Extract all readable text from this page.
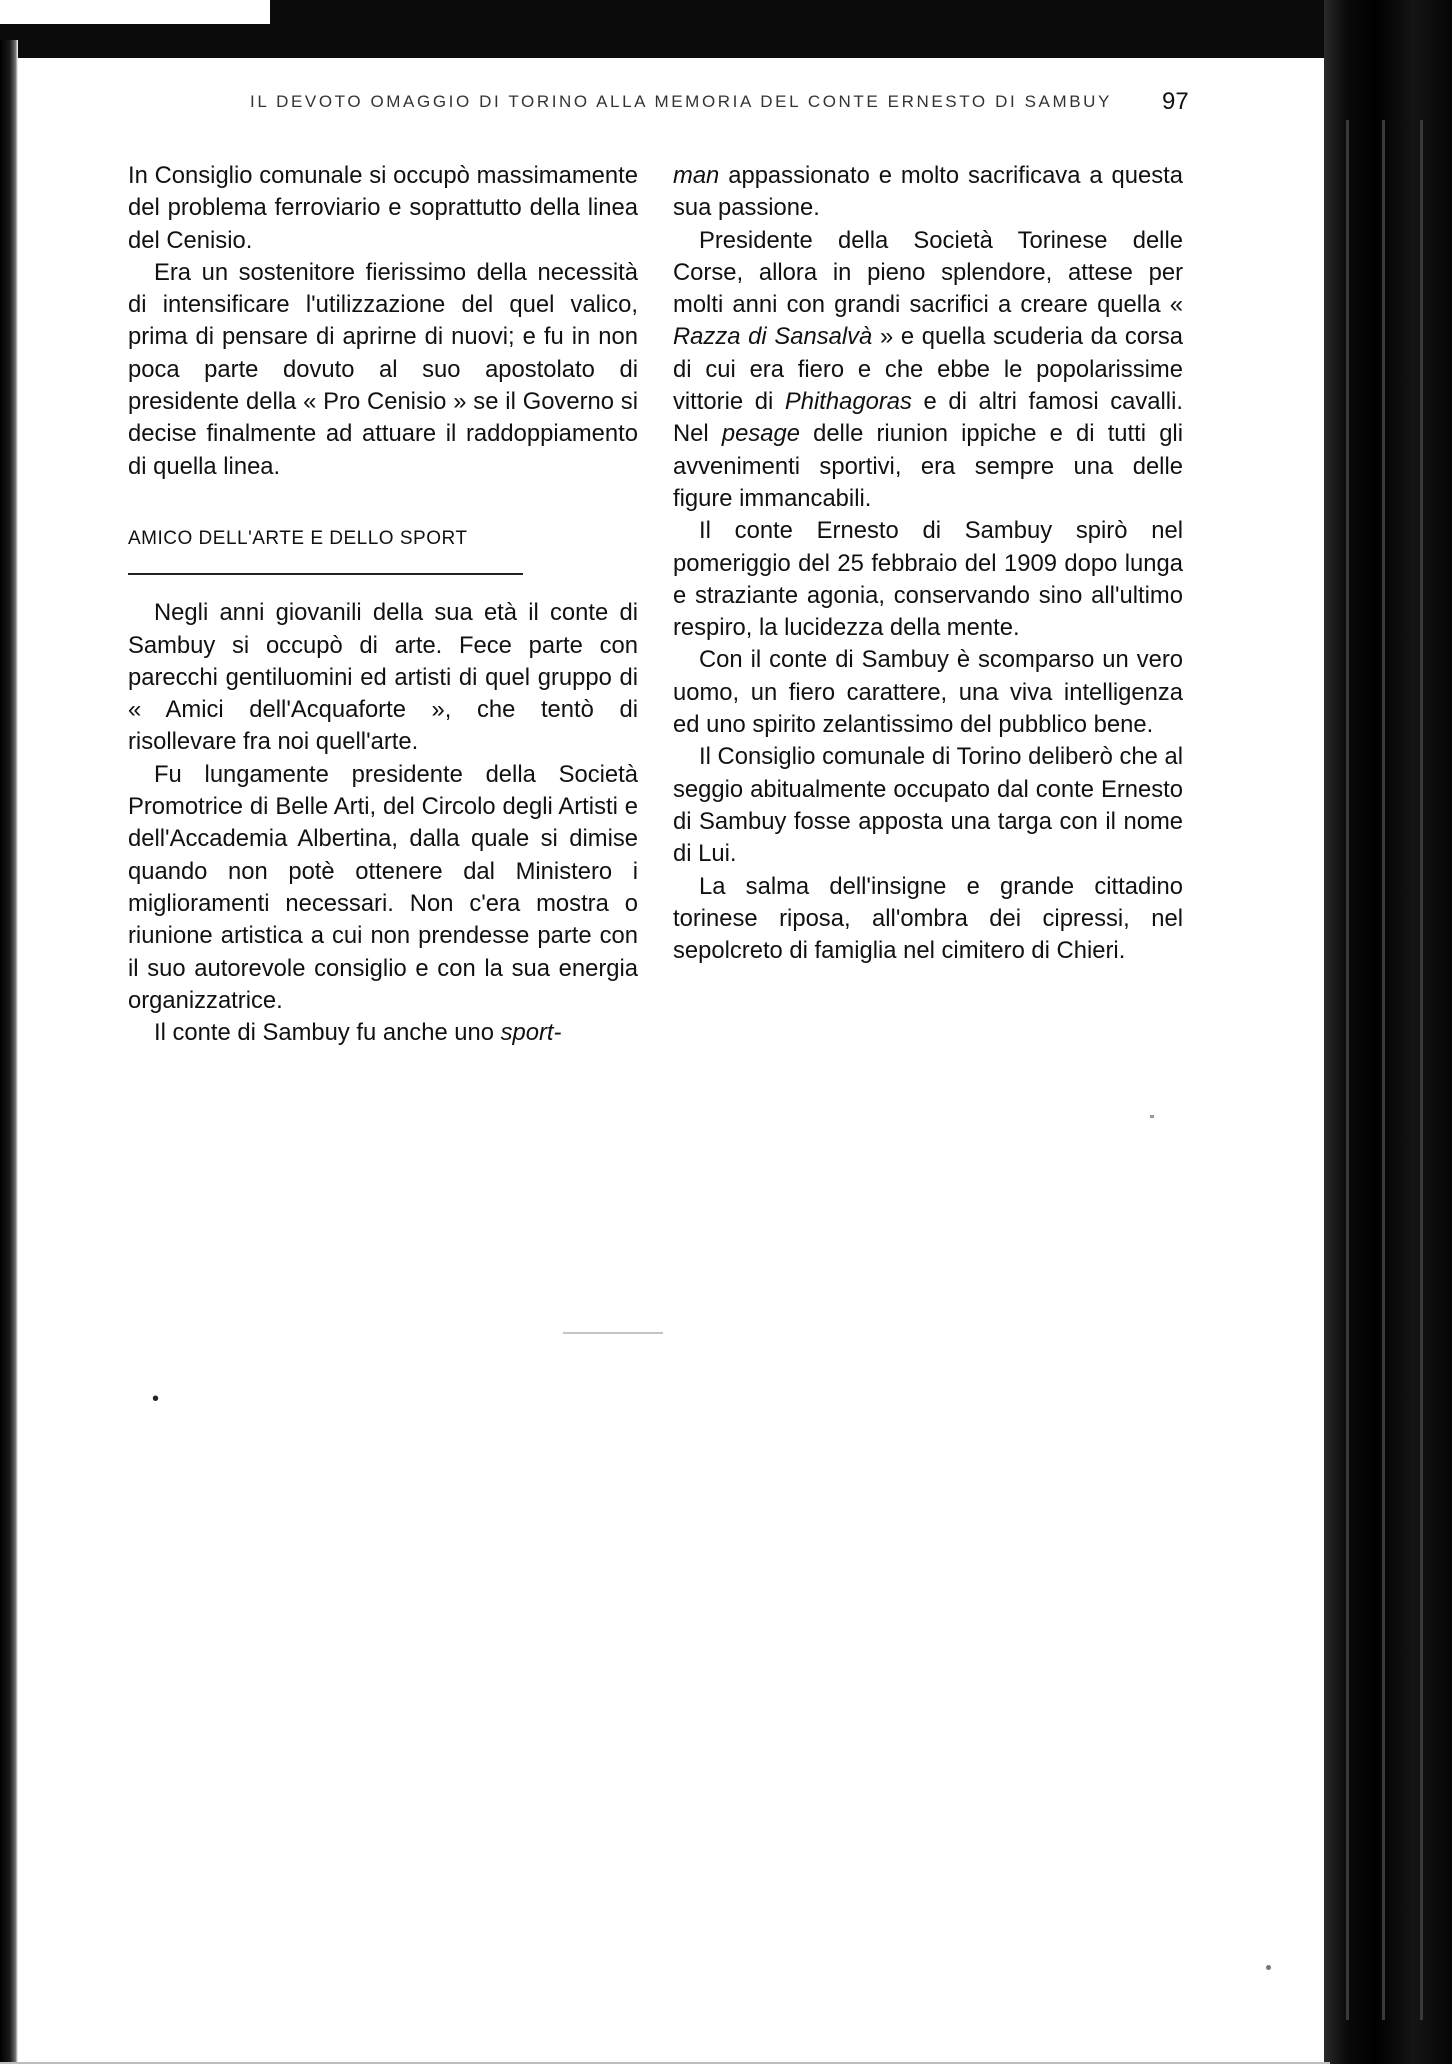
IL DEVOTO OMAGGIO DI TORINO ALLA MEMORIA DEL CONTE ERNESTO DI SAMBUY	97

In Consiglio comunale si occupò massimamente del problema ferroviario e soprattutto della linea del Cenisio.

Era un sostenitore fierissimo della necessità di intensificare l'utilizzazione del quel valico, prima di pensare di aprirne di nuovi; e fu in non poca parte dovuto al suo apostolato di presidente della « Pro Cenisio » se il Governo si decise finalmente ad attuare il raddoppiamento di quella linea.

AMICO DELL'ARTE E DELLO SPORT

Negli anni giovanili della sua età il conte di Sambuy si occupò di arte. Fece parte con parecchi gentiluomini ed artisti di quel gruppo di « Amici dell'Acquaforte », che tentò di risollevare fra noi quell'arte.

Fu lungamente presidente della Società Promotrice di Belle Arti, del Circolo degli Artisti e dell'Accademia Albertina, dalla quale si dimise quando non potè ottenere dal Ministero i miglioramenti necessari. Non c'era mostra o riunione artistica a cui non prendesse parte con il suo autorevole consiglio e con la sua energia organizzatrice.

Il conte di Sambuy fu anche uno sport-

man appassionato e molto sacrificava a questa sua passione.

Presidente della Società Torinese delle Corse, allora in pieno splendore, attese per molti anni con grandi sacrifici a creare quella « Razza di Sansalvà » e quella scuderia da corsa di cui era fiero e che ebbe le popolarissime vittorie di Phithagoras e di altri famosi cavalli. Nel pesage delle riunion ippiche e di tutti gli avvenimenti sportivi, era sempre una delle figure immancabili.

Il conte Ernesto di Sambuy spirò nel pomeriggio del 25 febbraio del 1909 dopo lunga e straziante agonia, conservando sino all'ultimo respiro, la lucidezza della mente.

Con il conte di Sambuy è scomparso un vero uomo, un fiero carattere, una viva intelligenza ed uno spirito zelantissimo del pubblico bene.

Il Consiglio comunale di Torino deliberò che al seggio abitualmente occupato dal conte Ernesto di Sambuy fosse apposta una targa con il nome di Lui.

La salma dell'insigne e grande cittadino torinese riposa, all'ombra dei cipressi, nel sepolcreto di famiglia nel cimitero di Chieri.

•
